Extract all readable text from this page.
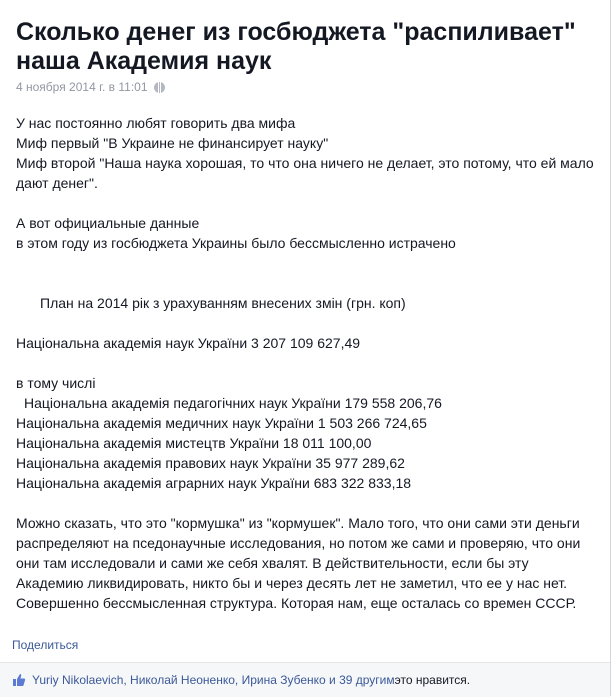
Сколько денег из госбюджета "распиливает" наша Академия наук
4 ноября 2014 г. в 11:01

У нас постоянно любят говорить два мифа

Миф первый "В Украине не финансирует науку"

Миф второй "Наша наука хорошая, то что она ничего не делает, это потому, что ей мало дают денег".

А вот официальные данные

в этом году из госбюджета Украины было бессмысленно истрачено

План на 2014 рік з урахуванням внесених змін (грн. коп)

Національна академія наук України 3 207 109 627,49

в тому числі

Національна академія педагогічних наук України 179 558 206,76

Національна академія медичних наук України 1 503 266 724,65

Національна академія мистецтв України 18 011 100,00

Національна академія правових наук України 35 977 289,62

Національна академія аграрних наук України 683 322 833,18

Можно сказать, что это "кормушка" из "кормушек". Мало того, что они сами эти деньги распределяют на пседонаучные исследования, но потом же сами и проверяю, что они они там исследовали и сами же себя хвалят. В действительности, если бы эту Академию ликвидировать, никто бы и через десять лет не заметил, что ее у нас нет. Совершенно бессмысленная структура. Которая нам, еще осталась со времен СССР.

Поделиться
Yuriy Nikolaevich, Николай Неоненко, Ирина Зубенко и 39 другим это нравится.
